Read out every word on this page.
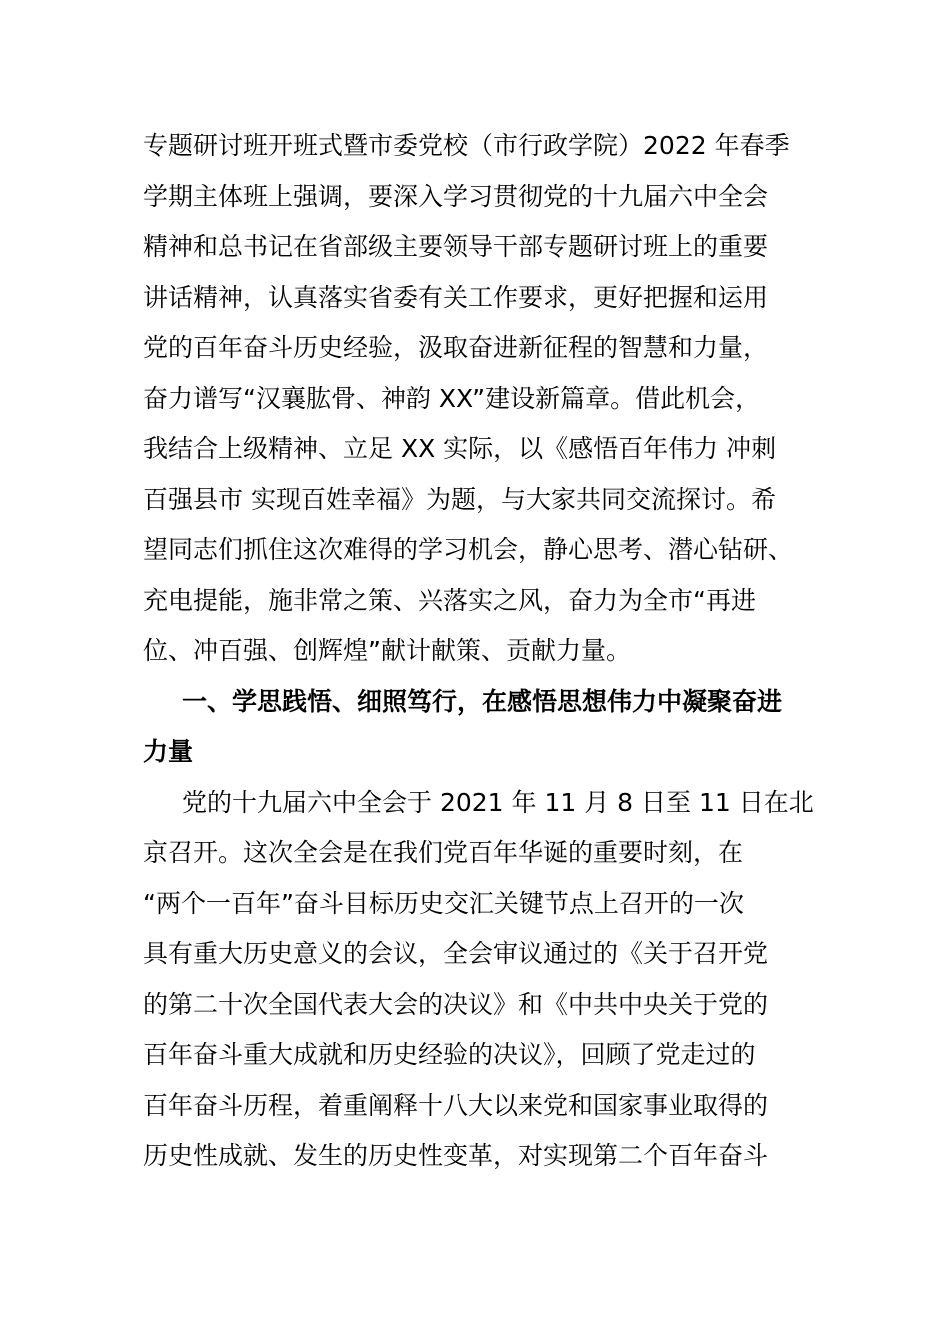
专题研讨班开班式暨市委党校（市行政学院）2022 年春季
学期主体班上强调，要深入学习贯彻党的十九届六中全会
精神和总书记在省部级主要领导干部专题研讨班上的重要
讲话精神，认真落实省委有关工作要求，更好把握和运用
党的百年奋斗历史经验，汲取奋进新征程的智慧和力量，
奋力谱写“汉襄肱骨、神韵 XX”建设新篇章。借此机会，
我结合上级精神、立足 XX 实际，以《感悟百年伟力 冲刺
百强县市 实现百姓幸福》为题，与大家共同交流探讨。希
望同志们抓住这次难得的学习机会，静心思考、潜心钻研、
充电提能，施非常之策、兴落实之风，奋力为全市“再进
位、冲百强、创辉煌”献计献策、贡献力量。
一、学思践悟、细照笃行，在感悟思想伟力中凝聚奋进
力量
党的十九届六中全会于 2021 年 11 月 8 日至 11 日在北
京召开。这次全会是在我们党百年华诞的重要时刻，在
“两个一百年”奋斗目标历史交汇关键节点上召开的一次
具有重大历史意义的会议，全会审议通过的《关于召开党
的第二十次全国代表大会的决议》和《中共中央关于党的
百年奋斗重大成就和历史经验的决议》，回顾了党走过的
百年奋斗历程，着重阐释十八大以来党和国家事业取得的
历史性成就、发生的历史性变革，对实现第二个百年奋斗
